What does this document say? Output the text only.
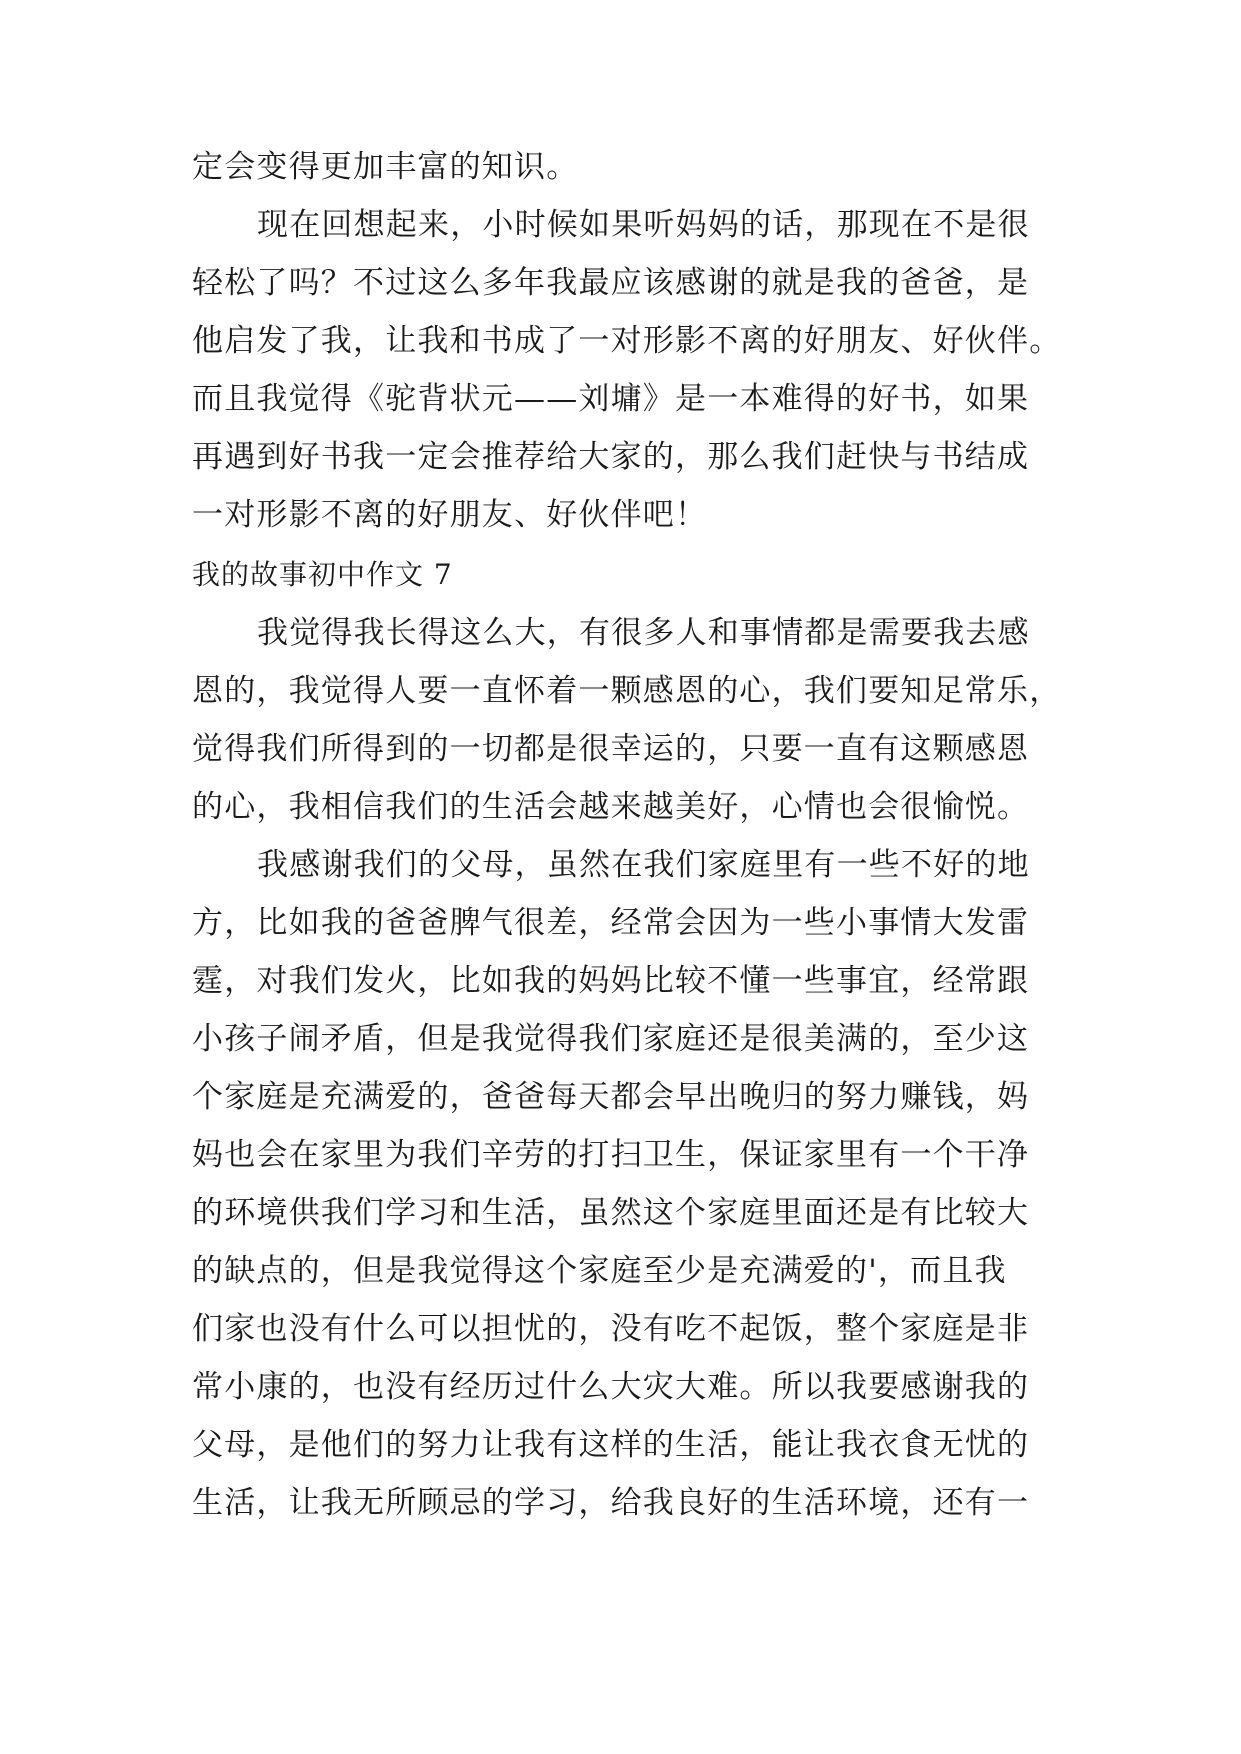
定会变得更加丰富的知识。
现在回想起来，小时候如果听妈妈的话，那现在不是很
轻松了吗？不过这么多年我最应该感谢的就是我的爸爸，是
他启发了我，让我和书成了一对形影不离的好朋友、好伙伴。
而且我觉得《驼背状元——刘墉》是一本难得的好书，如果
再遇到好书我一定会推荐给大家的，那么我们赶快与书结成
一对形影不离的好朋友、好伙伴吧！
我的故事初中作文 7
我觉得我长得这么大，有很多人和事情都是需要我去感
恩的，我觉得人要一直怀着一颗感恩的心，我们要知足常乐，
觉得我们所得到的一切都是很幸运的，只要一直有这颗感恩
的心，我相信我们的生活会越来越美好，心情也会很愉悦。
我感谢我们的父母，虽然在我们家庭里有一些不好的地
方，比如我的爸爸脾气很差，经常会因为一些小事情大发雷
霆，对我们发火，比如我的妈妈比较不懂一些事宜，经常跟
小孩子闹矛盾，但是我觉得我们家庭还是很美满的，至少这
个家庭是充满爱的，爸爸每天都会早出晚归的努力赚钱，妈
妈也会在家里为我们辛劳的打扫卫生，保证家里有一个干净
的环境供我们学习和生活，虽然这个家庭里面还是有比较大
的缺点的，但是我觉得这个家庭至少是充满爱的'，而且我
们家也没有什么可以担忧的，没有吃不起饭，整个家庭是非
常小康的，也没有经历过什么大灾大难。所以我要感谢我的
父母，是他们的努力让我有这样的生活，能让我衣食无忧的
生活，让我无所顾忌的学习，给我良好的生活环境，还有一
